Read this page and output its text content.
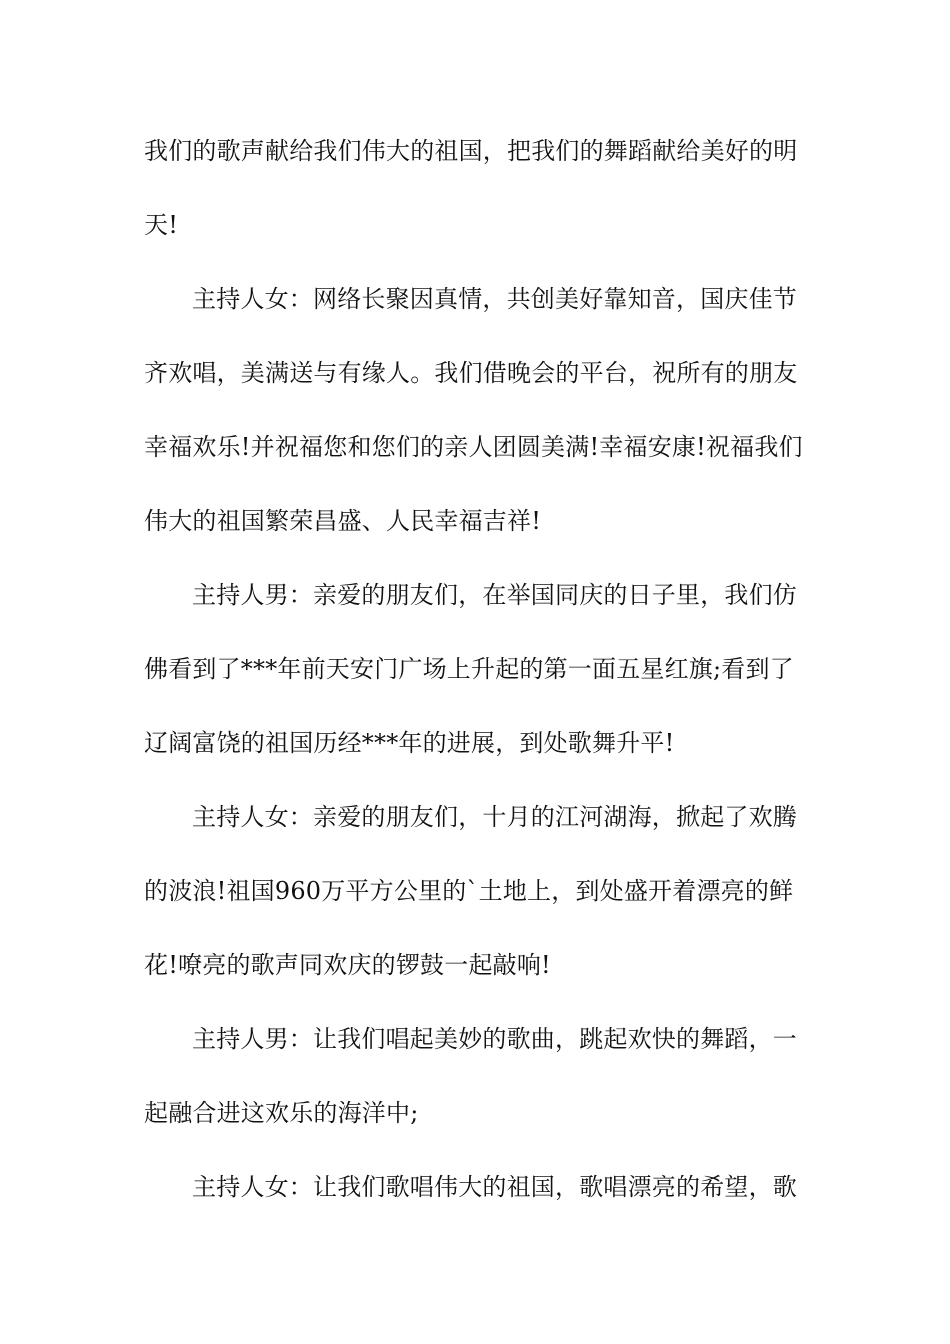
我们的歌声献给我们伟大的祖国，把我们的舞蹈献给美好的明
天!
主持人女：网络长聚因真情，共创美好靠知音，国庆佳节
齐欢唱，美满送与有缘人。我们借晚会的平台，祝所有的朋友
幸福欢乐!并祝福您和您们的亲人团圆美满!幸福安康!祝福我们
伟大的祖国繁荣昌盛、人民幸福吉祥!
主持人男：亲爱的朋友们，在举国同庆的日子里，我们仿
佛看到了***年前天安门广场上升起的第一面五星红旗;看到了
辽阔富饶的祖国历经***年的进展，到处歌舞升平!
主持人女：亲爱的朋友们，十月的江河湖海，掀起了欢腾
的波浪!祖国960万平方公里的`土地上，到处盛开着漂亮的鲜
花!嘹亮的歌声同欢庆的锣鼓一起敲响!
主持人男：让我们唱起美妙的歌曲，跳起欢快的舞蹈，一
起融合进这欢乐的海洋中;
主持人女：让我们歌唱伟大的祖国，歌唱漂亮的希望，歌
